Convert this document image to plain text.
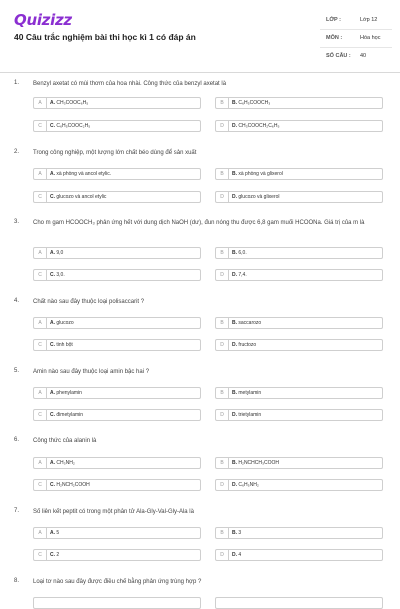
Quizizz
40 Câu trắc nghiệm bài thi học kì 1 có đáp án
LỚP :	Lớp 12
MÔN :	Hóa học
SỐ CÂU : 40
1. Benzyl axetat có mùi thơm của hoa nhài. Công thức của benzyl axetat là
A	A. CH₃COOC₆H₅	B	B. C₆H₅COOCH₃
C	C. C₆H₅COOC₂H₅	D	D. CH₃COOCH₂C₆H₅
2. Trong công nghiệp, một lượng lớn chất béo dùng để sản xuất
A	A. xà phòng và ancol etylic.	B	B. xà phòng và glixerol
C	C. glucozo và ancol etylic	D	D. glucozo và glixerol
3. Cho m gam HCOOCH₃ phản ứng hết với dung dịch NaOH (dư), đun nóng thu được 6,8 gam muối HCOONa. Giá trị của m là
A	A. 9,0	B	B. 6,0.
C	C. 3,0.	D	D. 7,4.
4. Chất nào sau đây thuộc loại polisaccarit ?
A	A. glucozo	B	B. saccarozo
C	C. tinh bột	D	D. fructozo
5. Amin nào sau đây thuộc loại amin bậc hai ?
A	A. phenylamin	B	B. metylamin
C	C. đimetylamin	D	D. trietylamin
6. Công thức của alanin là
A	A. CH₃NH₂	B	B. H₂NCHCH₃COOH
C	C. H₂NCH₂COOH	D	D. C₆H₅NH₂
7. Số liên kết peptit có trong một phân tử Ala-Gly-Val-Gly-Ala là
A	A. 5	B	B. 3
C	C. 2	D	D. 4
8. Loại tơ nào sau đây được điều chế bằng phản ứng trùng hợp ?
